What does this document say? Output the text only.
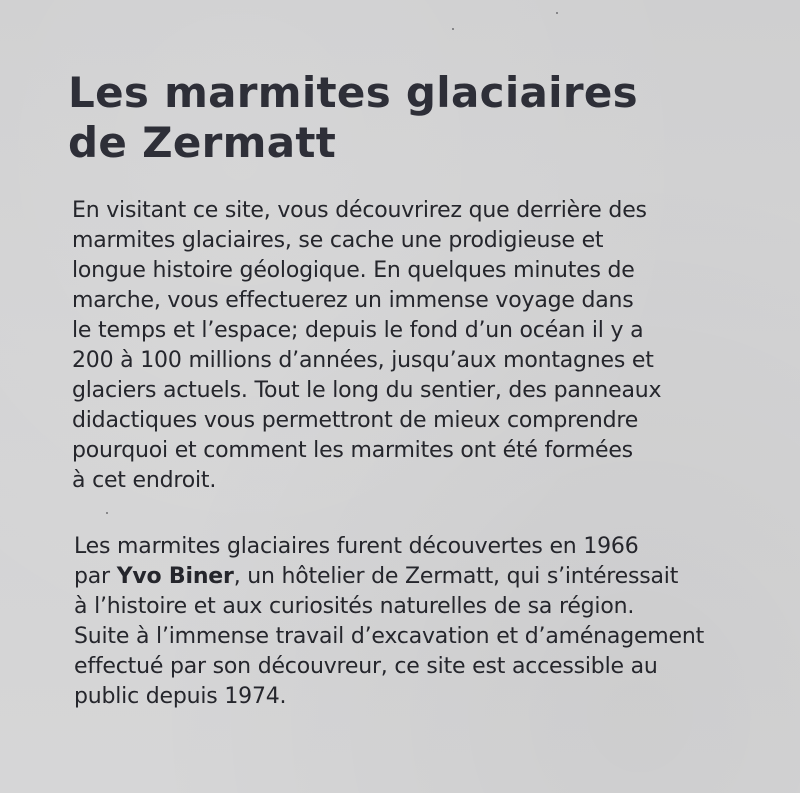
Les marmites glaciaires
de Zermatt
En visitant ce site, vous découvrirez que derrière des
marmites glaciaires, se cache une prodigieuse et
longue histoire géologique. En quelques minutes de
marche, vous effectuerez un immense voyage dans
le temps et l’espace; depuis le fond d’un océan il y a
200 à 100 millions d’années, jusqu’aux montagnes et
glaciers actuels. Tout le long du sentier, des panneaux
didactiques vous permettront de mieux comprendre
pourquoi et comment les marmites ont été formées
à cet endroit.
Les marmites glaciaires furent découvertes en 1966
par Yvo Biner, un hôtelier de Zermatt, qui s’intéressait
à l’histoire et aux curiosités naturelles de sa région.
Suite à l’immense travail d’excavation et d’aménagement
effectué par son découvreur, ce site est accessible au
public depuis 1974.
